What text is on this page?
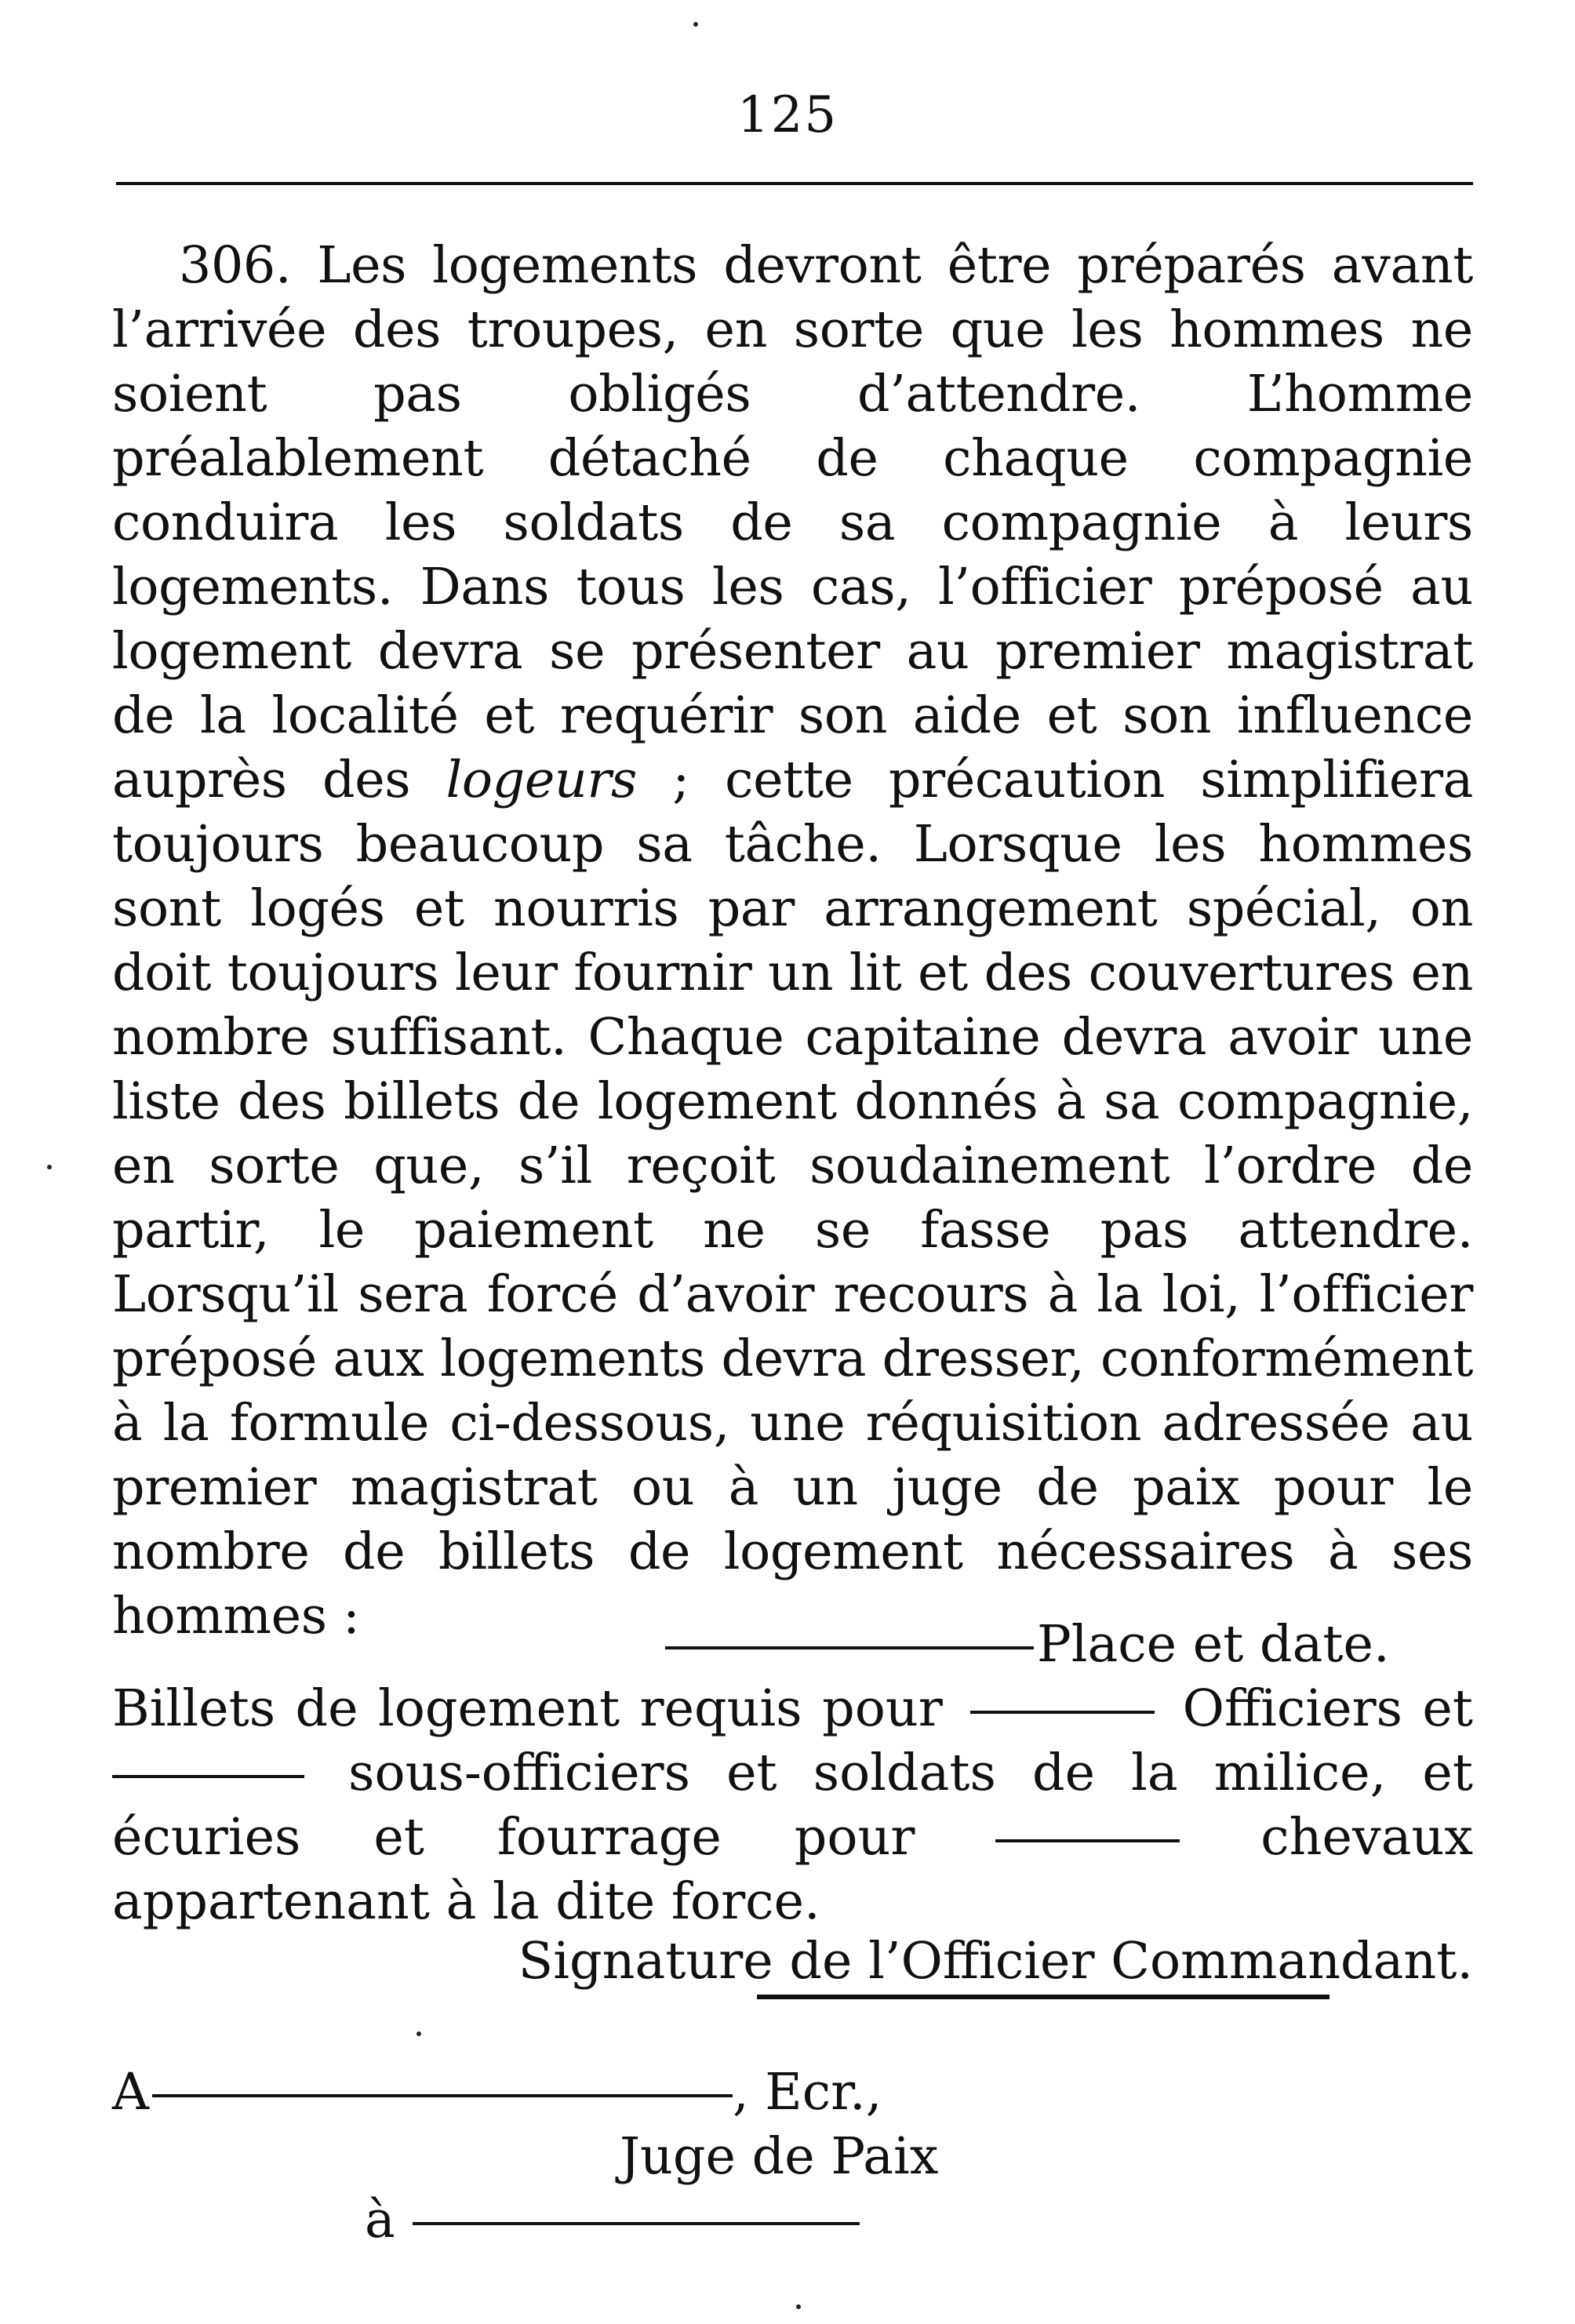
125
306. Les logements devront être préparés avant l’arrivée des troupes, en sorte que les hommes ne soient pas obligés d’attendre. L’homme préalablement détaché de chaque compagnie conduira les soldats de sa compagnie à leurs logements. Dans tous les cas, l’officier préposé au logement devra se présenter au premier magistrat de la localité et requérir son aide et son influence auprès des logeurs ; cette précaution simplifiera toujours beaucoup sa tâche. Lorsque les hommes sont logés et nourris par arrangement spécial, on doit toujours leur fournir un lit et des couvertures en nombre suffisant. Chaque capitaine devra avoir une liste des billets de logement donnés à sa compagnie, en sorte que, s’il reçoit soudainement l’ordre de partir, le paiement ne se fasse pas attendre. Lorsqu’il sera forcé d’avoir recours à la loi, l’officier préposé aux logements devra dresser, conformément à la formule ci-dessous, une réquisition adressée au premier magistrat ou à un juge de paix pour le nombre de billets de logement nécessaires à ses hommes :	Place et date.
Billets de logement requis pour	Officiers et  sous-officiers et soldats de la milice, et écuries et fourrage pour	chevaux appartenant à la dite force.
Signature de l’Officier Commandant.
A	, Ecr.,
Juge de Paix
à
